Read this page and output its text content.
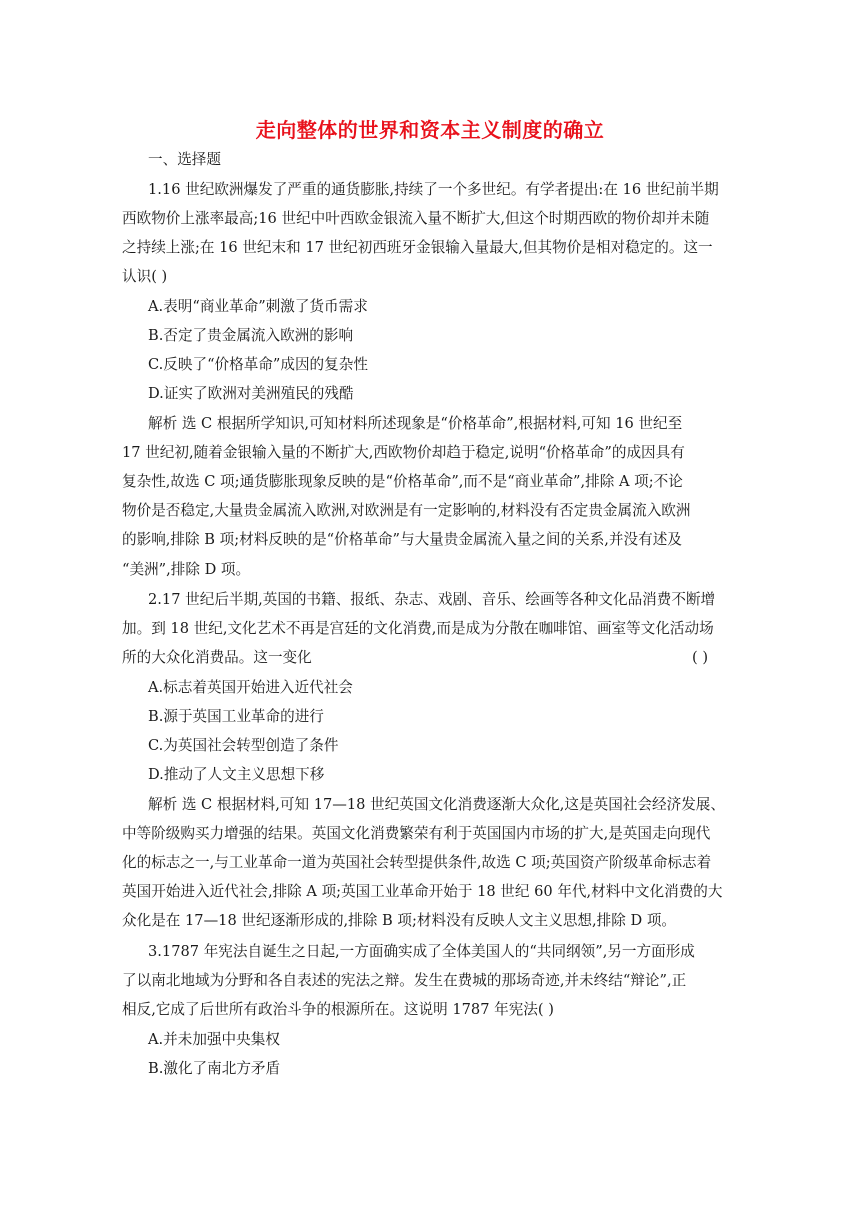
走向整体的世界和资本主义制度的确立
一、选择题
1.16 世纪欧洲爆发了严重的通货膨胀,持续了一个多世纪。有学者提出:在 16 世纪前半期
西欧物价上涨率最高;16 世纪中叶西欧金银流入量不断扩大,但这个时期西欧的物价却并未随
之持续上涨;在 16 世纪末和 17 世纪初西班牙金银输入量最大,但其物价是相对稳定的。这一
认识( )
A.表明“商业革命”刺激了货币需求
B.否定了贵金属流入欧洲的影响
C.反映了“价格革命”成因的复杂性
D.证实了欧洲对美洲殖民的残酷
解析 选 C 根据所学知识,可知材料所述现象是“价格革命”,根据材料,可知 16 世纪至
17 世纪初,随着金银输入量的不断扩大,西欧物价却趋于稳定,说明“价格革命”的成因具有
复杂性,故选 C 项;通货膨胀现象反映的是“价格革命”,而不是“商业革命”,排除 A 项;不论
物价是否稳定,大量贵金属流入欧洲,对欧洲是有一定影响的,材料没有否定贵金属流入欧洲
的影响,排除 B 项;材料反映的是“价格革命”与大量贵金属流入量之间的关系,并没有述及
“美洲”,排除 D 项。
2.17 世纪后半期,英国的书籍、报纸、杂志、戏剧、音乐、绘画等各种文化品消费不断增
加。到 18 世纪,文化艺术不再是宫廷的文化消费,而是成为分散在咖啡馆、画室等文化活动场
所的大众化消费品。这一变化	( )
A.标志着英国开始进入近代社会
B.源于英国工业革命的进行
C.为英国社会转型创造了条件
D.推动了人文主义思想下移
解析 选 C 根据材料,可知 17—18 世纪英国文化消费逐渐大众化,这是英国社会经济发展、
中等阶级购买力增强的结果。英国文化消费繁荣有利于英国国内市场的扩大,是英国走向现代
化的标志之一,与工业革命一道为英国社会转型提供条件,故选 C 项;英国资产阶级革命标志着
英国开始进入近代社会,排除 A 项;英国工业革命开始于 18 世纪 60 年代,材料中文化消费的大
众化是在 17—18 世纪逐渐形成的,排除 B 项;材料没有反映人文主义思想,排除 D 项。
3.1787 年宪法自诞生之日起,一方面确实成了全体美国人的“共同纲领”,另一方面形成
了以南北地域为分野和各自表述的宪法之辩。发生在费城的那场奇迹,并未终结“辩论”,正
相反,它成了后世所有政治斗争的根源所在。这说明 1787 年宪法( )
A.并未加强中央集权
B.激化了南北方矛盾
